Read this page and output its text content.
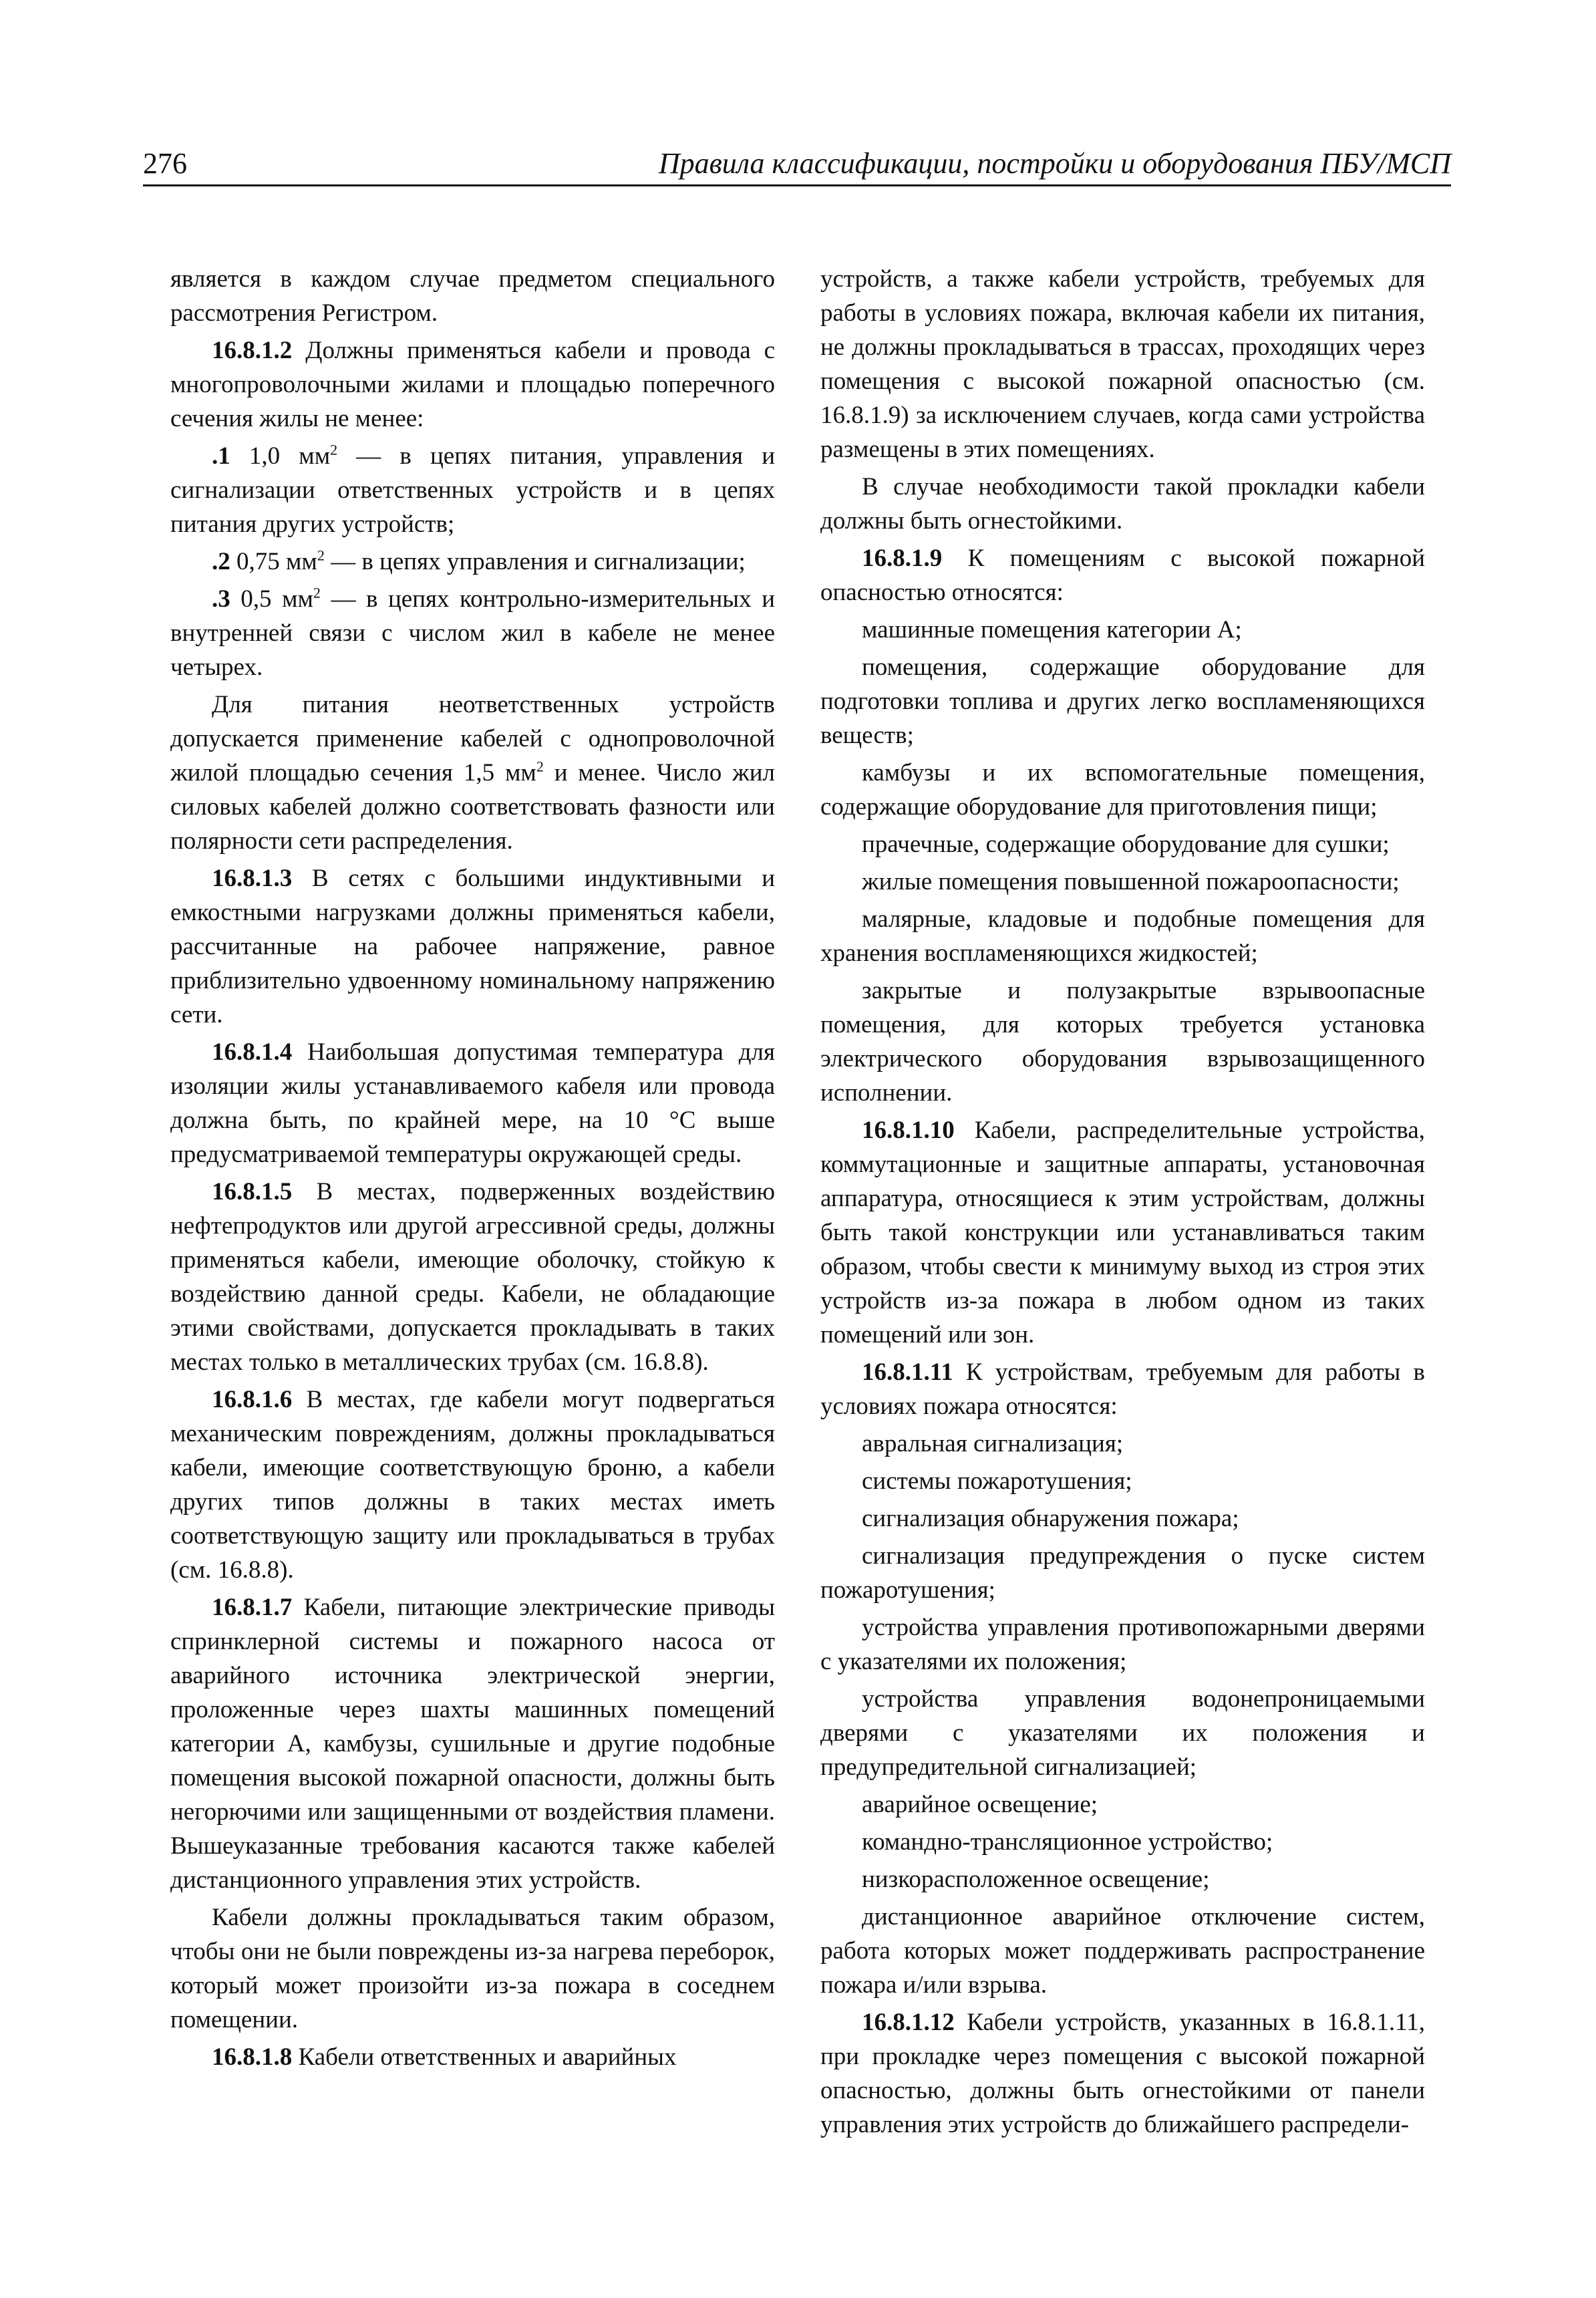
276	Правила классификации, постройки и оборудования ПБУ/МСП

является в каждом случае предметом специального рассмотрения Регистром.

16.8.1.2 Должны применяться кабели и провода с многопроволочными жилами и площадью поперечного сечения жилы не менее:

.1 1,0 $мм^2$ — в цепях питания, управления и сигнализации ответственных устройств и в цепях питания других устройств;

.2 0,75 $мм^2$ — в цепях управления и сигнализации;

.3 0,5 $мм^2$ — в цепях контрольно-измерительных и внутренней связи с числом жил в кабеле не менее четырех.

Для питания неответственных устройств допускается применение кабелей с однопроволочной жилой площадью сечения 1,5 $мм^2$ и менее. Число жил силовых кабелей должно соответствовать фазности или полярности сети распределения.

16.8.1.3 В сетях с большими индуктивными и емкостными нагрузками должны применяться кабели, рассчитанные на рабочее напряжение, равное приблизительно удвоенному номинальному напряжению сети.

16.8.1.4 Наибольшая допустимая температура для изоляции жилы устанавливаемого кабеля или провода должна быть, по крайней мере, на 10 °С выше предусматриваемой температуры окружающей среды.

16.8.1.5 В местах, подверженных воздействию нефтепродуктов или другой агрессивной среды, должны применяться кабели, имеющие оболочку, стойкую к воздействию данной среды. Кабели, не обладающие этими свойствами, допускается прокладывать в таких местах только в металлических трубах (см. 16.8.8).

16.8.1.6 В местах, где кабели могут подвергаться механическим повреждениям, должны прокладываться кабели, имеющие соответствующую броню, а кабели других типов должны в таких местах иметь соответствующую защиту или прокладываться в трубах (см. 16.8.8).

16.8.1.7 Кабели, питающие электрические приводы спринклерной системы и пожарного насоса от аварийного источника электрической энергии, проложенные через шахты машинных помещений категории А, камбузы, сушильные и другие подобные помещения высокой пожарной опасности, должны быть негорючими или защищенными от воздействия пламени. Вышеуказанные требования касаются также кабелей дистанционного управления этих устройств.

Кабели должны прокладываться таким образом, чтобы они не были повреждены из-за нагрева переборок, который может произойти из-за пожара в соседнем помещении.

16.8.1.8 Кабели ответственных и аварийных

устройств, а также кабели устройств, требуемых для работы в условиях пожара, включая кабели их питания, не должны прокладываться в трассах, проходящих через помещения с высокой пожарной опасностью (см. 16.8.1.9) за исключением случаев, когда сами устройства размещены в этих помещениях.

В случае необходимости такой прокладки кабели должны быть огнестойкими.

16.8.1.9 К помещениям с высокой пожарной опасностью относятся:

машинные помещения категории А;

помещения, содержащие оборудование для подготовки топлива и других легко воспламеняющихся веществ;

камбузы и их вспомогательные помещения, содержащие оборудование для приготовления пищи;

прачечные, содержащие оборудование для сушки;

жилые помещения повышенной пожароопасности;

малярные, кладовые и подобные помещения для хранения воспламеняющихся жидкостей;

закрытые и полузакрытые взрывоопасные помещения, для которых требуется установка электрического оборудования взрывозащищенного исполнении.

16.8.1.10 Кабели, распределительные устройства, коммутационные и защитные аппараты, установочная аппаратура, относящиеся к этим устройствам, должны быть такой конструкции или устанавливаться таким образом, чтобы свести к минимуму выход из строя этих устройств из-за пожара в любом одном из таких помещений или зон.

16.8.1.11 К устройствам, требуемым для работы в условиях пожара относятся:

авральная сигнализация;

системы пожаротушения;

сигнализация обнаружения пожара;

сигнализация предупреждения о пуске систем пожаротушения;

устройства управления противопожарными дверями с указателями их положения;

устройства управления водонепроницаемыми дверями с указателями их положения и предупредительной сигнализацией;

аварийное освещение;

командно-трансляционное устройство;

низкорасположенное освещение;

дистанционное аварийное отключение систем, работа которых может поддерживать распространение пожара и/или взрыва.

16.8.1.12 Кабели устройств, указанных в 16.8.1.11, при прокладке через помещения с высокой пожарной опасностью, должны быть огнестойкими от панели управления этих устройств до ближайшего распредели-
